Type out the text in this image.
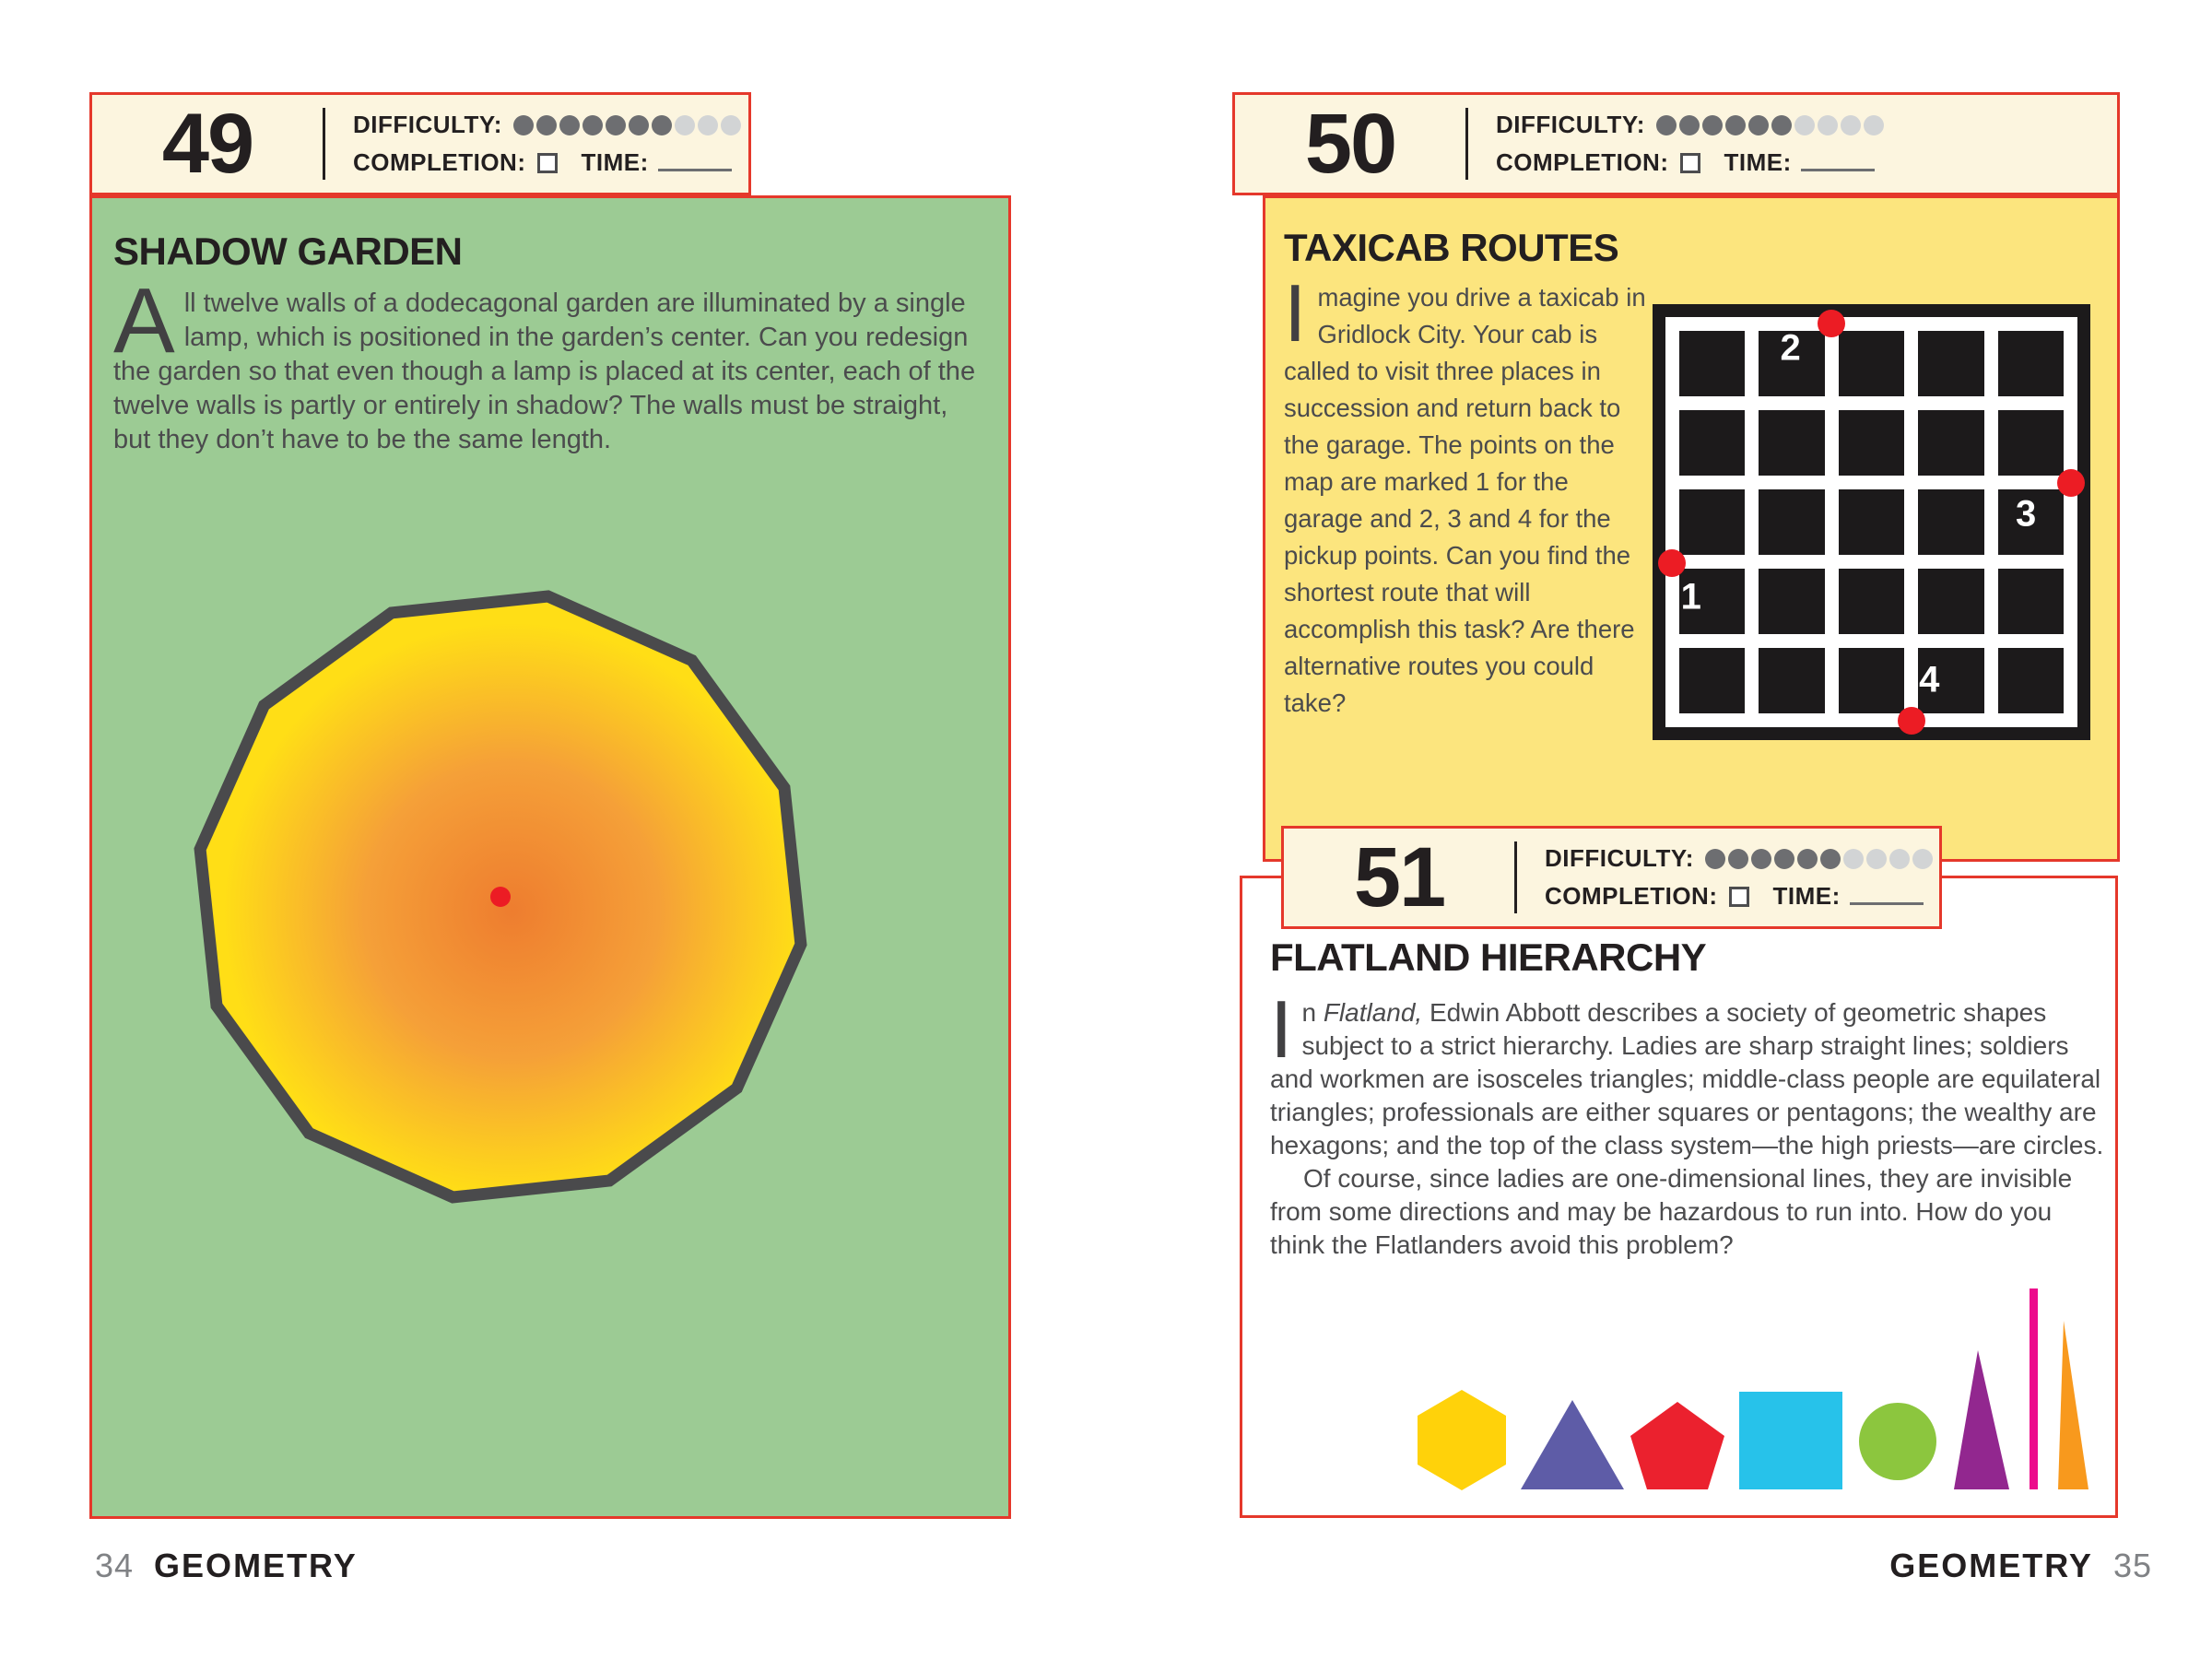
49	DIFFICULTY:
COMPLETION: TIME:
SHADOW GARDEN

All twelve walls of a dodecagonal garden are illuminated by a single lamp, which is positioned in the garden’s center. Can you redesign the garden so that even though a lamp is placed at its center, each of the twelve walls is partly or entirely in shadow? The walls must be straight, but they don’t have to be the same length.

50	DIFFICULTY:
COMPLETION: TIME:
TAXICAB ROUTES

Imagine you drive a taxicab in Gridlock City. Your cab is called to visit three places in succession and return back to the garage. The points on the map are marked 1 for the garage and 2, 3 and 4 for the pickup points. Can you find the shortest route that will accomplish this task? Are there alternative routes you could take?

1
2
3
4
FLATLAND HIERARCHY

In Flatland, Edwin Abbott describes a society of geometric shapes subject to a strict hierarchy. Ladies are sharp straight lines; soldiers and workmen are isosceles triangles; middle-class people are equilateral triangles; professionals are either squares or pentagons; the wealthy are hexagons; and the top of the class system—the high priests—are circles.

Of course, since ladies are one-dimensional lines, they are invisible from some directions and may be hazardous to run into. How do you think the Flatlanders avoid this problem?

51	DIFFICULTY:
COMPLETION: TIME:
34 GEOMETRY	GEOMETRY 35
